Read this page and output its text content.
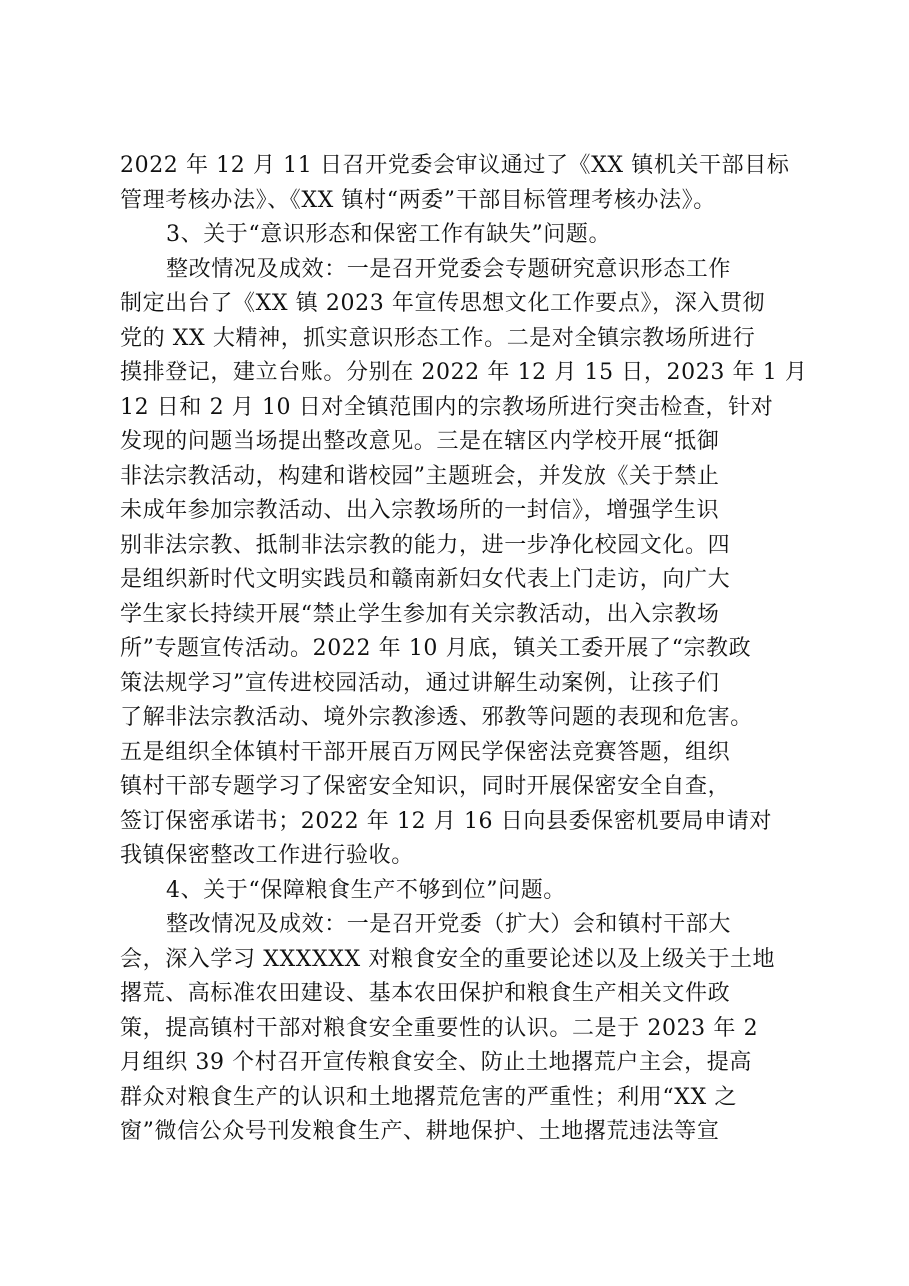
2022 年 12 月 11 日召开党委会审议通过了《XX 镇机关干部目标
管理考核办法》、《XX 镇村“两委”干部目标管理考核办法》。
3、关于“意识形态和保密工作有缺失”问题。
整改情况及成效：一是召开党委会专题研究意识形态工作
制定出台了《XX 镇 2023 年宣传思想文化工作要点》，深入贯彻
党的 XX 大精神，抓实意识形态工作。二是对全镇宗教场所进行
摸排登记，建立台账。分别在 2022 年 12 月 15 日，2023 年 1 月
12 日和 2 月 10 日对全镇范围内的宗教场所进行突击检查，针对
发现的问题当场提出整改意见。三是在辖区内学校开展“抵御
非法宗教活动，构建和谐校园”主题班会，并发放《关于禁止
未成年参加宗教活动、出入宗教场所的一封信》，增强学生识
别非法宗教、抵制非法宗教的能力，进一步净化校园文化。四
是组织新时代文明实践员和赣南新妇女代表上门走访，向广大
学生家长持续开展“禁止学生参加有关宗教活动，出入宗教场
所”专题宣传活动。2022 年 10 月底，镇关工委开展了“宗教政
策法规学习”宣传进校园活动，通过讲解生动案例，让孩子们
了解非法宗教活动、境外宗教渗透、邪教等问题的表现和危害。
五是组织全体镇村干部开展百万网民学保密法竞赛答题，组织
镇村干部专题学习了保密安全知识，同时开展保密安全自查，
签订保密承诺书；2022 年 12 月 16 日向县委保密机要局申请对
我镇保密整改工作进行验收。
4、关于“保障粮食生产不够到位”问题。
整改情况及成效：一是召开党委（扩大）会和镇村干部大
会，深入学习 XXXXXX 对粮食安全的重要论述以及上级关于土地
撂荒、高标准农田建设、基本农田保护和粮食生产相关文件政
策，提高镇村干部对粮食安全重要性的认识。二是于 2023 年 2
月组织 39 个村召开宣传粮食安全、防止土地撂荒户主会，提高
群众对粮食生产的认识和土地撂荒危害的严重性；利用“XX 之
窗”微信公众号刊发粮食生产、耕地保护、土地撂荒违法等宣
